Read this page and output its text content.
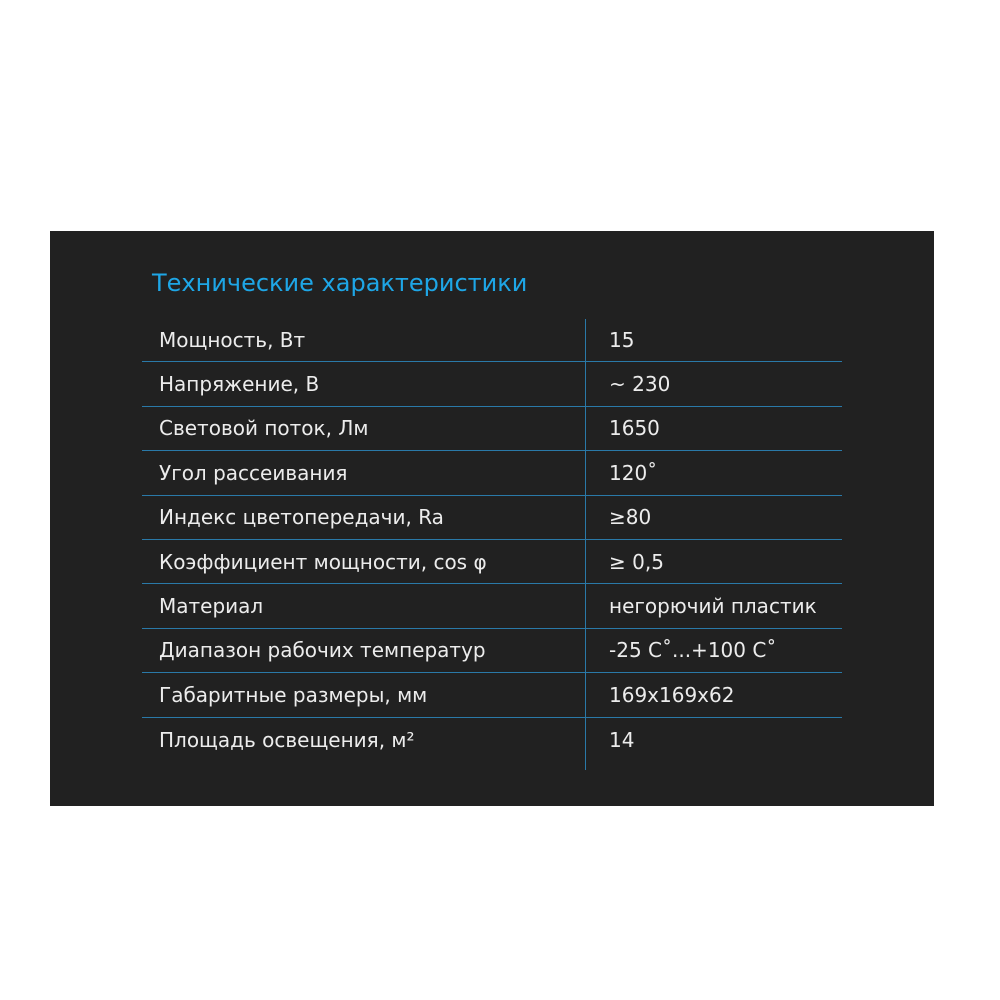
Технические характеристики
Мощность, Вт	15
Напряжение, В	~ 230
Световой поток, Лм	1650
Угол рассеивания	120˚
Индекс цветопередачи, Ra	≥80
Коэффициент мощности, cos φ	≥ 0,5
Материал	негорючий пластик
Диапазон рабочих температур	-25 С˚...+100 С˚
Габаритные размеры, мм	169x169x62
Площадь освещения, м²	14
